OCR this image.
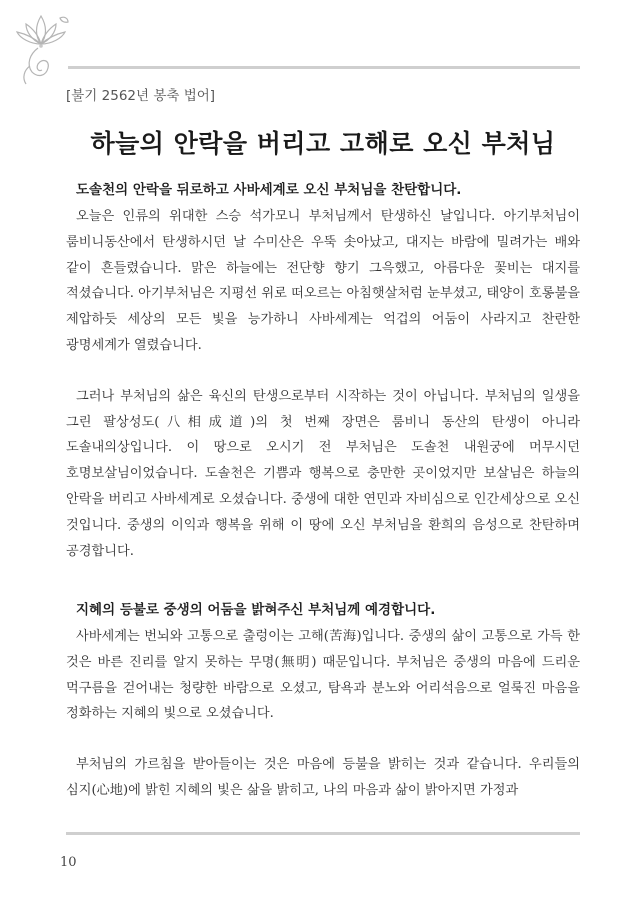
[불기 2562년 봉축 법어]
하늘의 안락을 버리고 고해로 오신 부처님
도솔천의 안락을 뒤로하고 사바세계로 오신 부처님을 찬탄합니다.

오늘은 인류의 위대한 스승 석가모니 부처님께서 탄생하신 날입니다. 아기부처님이 룸비니동산에서 탄생하시던 날 수미산은 우뚝 솟아났고, 대지는 바람에 밀려가는 배와 같이 흔들렸습니다. 맑은 하늘에는 전단향 향기 그윽했고, 아름다운 꽃비는 대지를 적셨습니다. 아기부처님은 지평선 위로 떠오르는 아침햇살처럼 눈부셨고, 태양이 호롱불을 제압하듯 세상의 모든 빛을 능가하니 사바세계는 억겁의 어둠이 사라지고 찬란한 광명세계가 열렸습니다.

그러나 부처님의 삶은 육신의 탄생으로부터 시작하는 것이 아닙니다. 부처님의 일생을 그린 팔상성도(八相成道)의 첫 번째 장면은 룸비니 동산의 탄생이 아니라 도솔내의상입니다. 이 땅으로 오시기 전 부처님은 도솔천 내원궁에 머무시던 호명보살님이었습니다. 도솔천은 기쁨과 행복으로 충만한 곳이었지만 보살님은 하늘의 안락을 버리고 사바세계로 오셨습니다. 중생에 대한 연민과 자비심으로 인간세상으로 오신 것입니다. 중생의 이익과 행복을 위해 이 땅에 오신 부처님을 환희의 음성으로 찬탄하며 공경합니다.

지혜의 등불로 중생의 어둠을 밝혀주신 부처님께 예경합니다.

사바세계는 번뇌와 고통으로 출렁이는 고해(苦海)입니다. 중생의 삶이 고통으로 가득 한 것은 바른 진리를 알지 못하는 무명(無明) 때문입니다. 부처님은 중생의 마음에 드리운 먹구름을 걷어내는 청량한 바람으로 오셨고, 탐욕과 분노와 어리석음으로 얼룩진 마음을 정화하는 지혜의 빛으로 오셨습니다.

부처님의 가르침을 받아들이는 것은 마음에 등불을 밝히는 것과 같습니다. 우리들의 심지(心地)에 밝힌 지혜의 빛은 삶을 밝히고, 나의 마음과 삶이 밝아지면 가정과

10
